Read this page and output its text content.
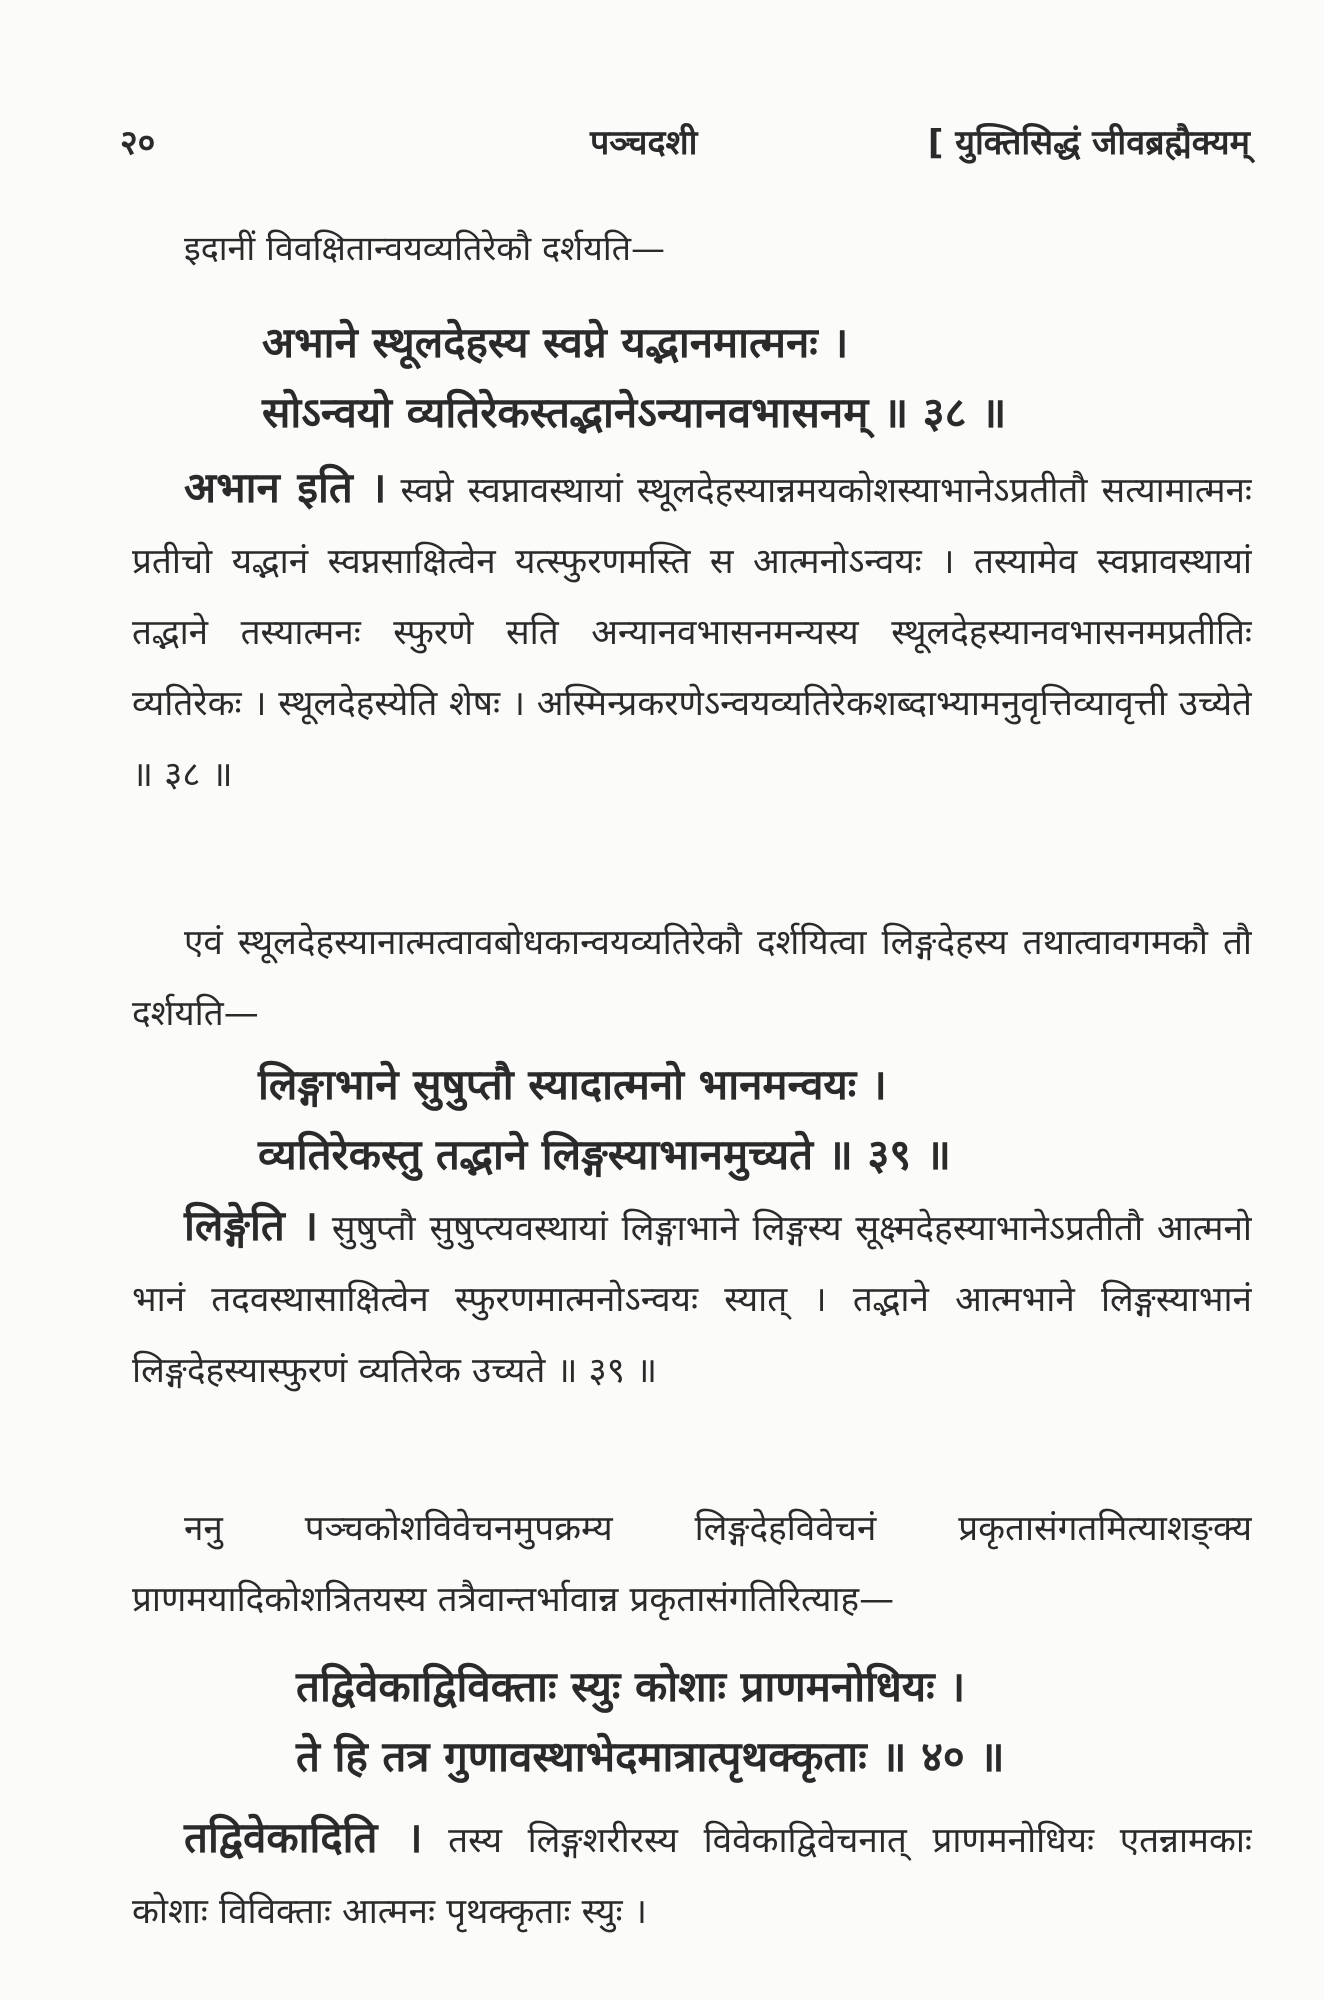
२०	पञ्चदशी	[ युक्तिसिद्धं जीवब्रह्मैक्यम्
इदानीं विवक्षितान्वयव्यतिरेकौ दर्शयति—
अभाने स्थूलदेहस्य स्वप्ने यद्भानमात्मनः ।
सोऽन्वयो व्यतिरेकस्तद्भानेऽन्यानवभासनम् ॥ ३८ ॥
अभान इति । स्वप्ने स्वप्नावस्थायां स्थूलदेहस्यान्नमयकोशस्याभानेऽप्रतीतौ सत्यामात्मनः प्रतीचो यद्भानं स्वप्नसाक्षित्वेन यत्स्फुरणमस्ति स आत्मनोऽन्वयः । तस्यामेव स्वप्नावस्थायां तद्भाने तस्यात्मनः स्फुरणे सति अन्यानवभासनमन्यस्य स्थूलदेहस्यानवभासनमप्रतीतिः व्यतिरेकः । स्थूलदेहस्येति शेषः । अस्मिन्प्रकरणेऽन्वयव्यतिरेकशब्दाभ्यामनुवृत्तिव्यावृत्ती उच्येते ॥ ३८ ॥
एवं स्थूलदेहस्यानात्मत्वावबोधकान्वयव्यतिरेकौ दर्शयित्वा लिङ्गदेहस्य तथात्वावगमकौ तौ दर्शयति—
लिङ्गाभाने सुषुप्तौ स्यादात्मनो भानमन्वयः ।
व्यतिरेकस्तु तद्भाने लिङ्गस्याभानमुच्यते ॥ ३९ ॥
लिङ्गेति । सुषुप्तौ सुषुप्त्यवस्थायां लिङ्गाभाने लिङ्गस्य सूक्ष्मदेहस्याभानेऽप्रतीतौ आत्मनो भानं तदवस्थासाक्षित्वेन स्फुरणमात्मनोऽन्वयः स्यात् । तद्भाने आत्मभाने लिङ्गस्याभानं लिङ्गदेहस्यास्फुरणं व्यतिरेक उच्यते ॥ ३९ ॥
ननु पञ्चकोशविवेचनमुपक्रम्य लिङ्गदेहविवेचनं प्रकृतासंगतमित्याशङ्क्य प्राणमयादिकोशत्रितयस्य तत्रैवान्तर्भावान्न प्रकृतासंगतिरित्याह—
तद्विवेकाद्विविक्ताः स्युः कोशाः प्राणमनोधियः ।
ते हि तत्र गुणावस्थाभेदमात्रात्पृथक्कृताः ॥ ४० ॥
तद्विवेकादिति । तस्य लिङ्गशरीरस्य विवेकाद्विवेचनात् प्राणमनोधियः एतन्नामकाः कोशाः विविक्ताः आत्मनः पृथक्कृताः स्युः ।
